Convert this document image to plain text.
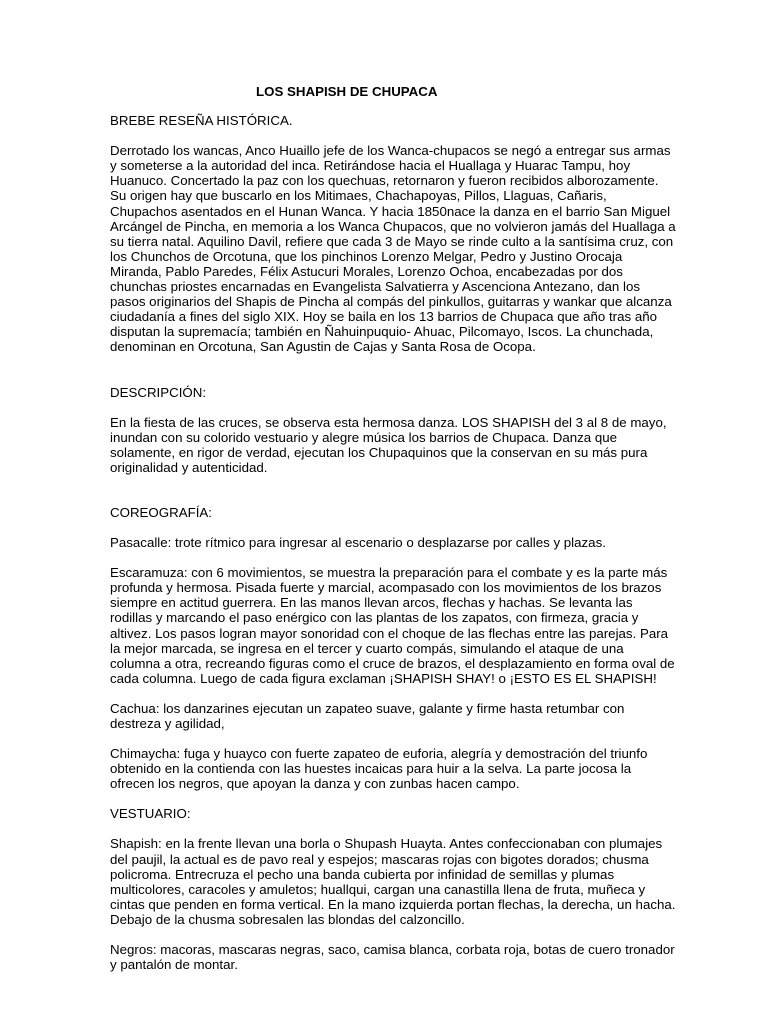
LOS SHAPISH DE CHUPACA
BREBE RESEÑA HISTÓRICA.

Derrotado los wancas, Anco Huaillo jefe de los Wanca-chupacos se negó a entregar sus armas y someterse a la autoridad del inca. Retirándose hacia el Huallaga y Huarac Tampu, hoy Huanuco. Concertado la paz con los quechuas, retornaron y fueron recibidos alborozamente. Su origen hay que buscarlo en los Mitimaes, Chachapoyas, Pillos, Llaguas, Cañaris, Chupachos asentados en el Hunan Wanca. Y hacia 1850nace la danza en el barrio San Miguel Arcángel de Pincha, en memoria a los Wanca Chupacos, que no volvieron jamás del Huallaga a su tierra natal. Aquilino Davil, refiere que cada 3 de Mayo se rinde culto a la santísima cruz, con los Chunchos de Orcotuna, que los pinchinos Lorenzo Melgar, Pedro y Justino Orocaja Miranda, Pablo Paredes, Félix Astucuri Morales, Lorenzo Ochoa, encabezadas por dos chunchas priostes encarnadas en Evangelista Salvatierra y Ascenciona Antezano, dan los pasos originarios del Shapis de Pincha al compás del pinkullos, guitarras y wankar que alcanza ciudadanía a fines del siglo XIX. Hoy se baila en los 13 barrios de Chupaca que año tras año disputan la supremacía; también en Ñahuinpuquio- Ahuac, Pilcomayo, Iscos. La chunchada, denominan en Orcotuna, San Agustin de Cajas y Santa Rosa de Ocopa.

DESCRIPCIÓN:

En la fiesta de las cruces, se observa esta hermosa danza. LOS SHAPISH del 3 al 8 de mayo, inundan con su colorido vestuario y alegre música los barrios de Chupaca. Danza que solamente, en rigor de verdad, ejecutan los Chupaquinos que la conservan en su más pura originalidad y autenticidad.

COREOGRAFÍA:

Pasacalle: trote rítmico para ingresar al escenario o desplazarse por calles y plazas.

Escaramuza: con 6 movimientos, se muestra la preparación para el combate y es la parte más profunda y hermosa. Pisada fuerte y marcial, acompasado con los movimientos de los brazos siempre en actitud guerrera. En las manos llevan arcos, flechas y hachas. Se levanta las rodillas y marcando el paso enérgico con las plantas de los zapatos, con firmeza, gracia y altivez. Los pasos logran mayor sonoridad con el choque de las flechas entre las parejas. Para la mejor marcada, se ingresa en el tercer y cuarto compás, simulando el ataque de una columna a otra, recreando figuras como el cruce de brazos, el desplazamiento en forma oval de cada columna. Luego de cada figura exclaman ¡SHAPISH SHAY! o ¡ESTO ES EL SHAPISH!

Cachua: los danzarines ejecutan un zapateo suave, galante y firme hasta retumbar con destreza y agilidad,

Chimaycha: fuga y huayco con fuerte zapateo de euforia, alegría y demostración del triunfo obtenido en la contienda con las huestes incaicas para huir a la selva. La parte jocosa la ofrecen los negros, que apoyan la danza y con zunbas hacen campo.

VESTUARIO:

Shapish: en la frente llevan una borla o Shupash Huayta. Antes confeccionaban con plumajes del paujil, la actual es de pavo real y espejos; mascaras rojas con bigotes dorados; chusma policroma. Entrecruza el pecho una banda cubierta por infinidad de semillas y plumas multicolores, caracoles y amuletos; huallqui, cargan una canastilla llena de fruta, muñeca y cintas que penden en forma vertical. En la mano izquierda portan flechas, la derecha, un hacha. Debajo de la chusma sobresalen las blondas del calzoncillo.

Negros: macoras, mascaras negras, saco, camisa blanca, corbata roja, botas de cuero tronador y pantalón de montar.
